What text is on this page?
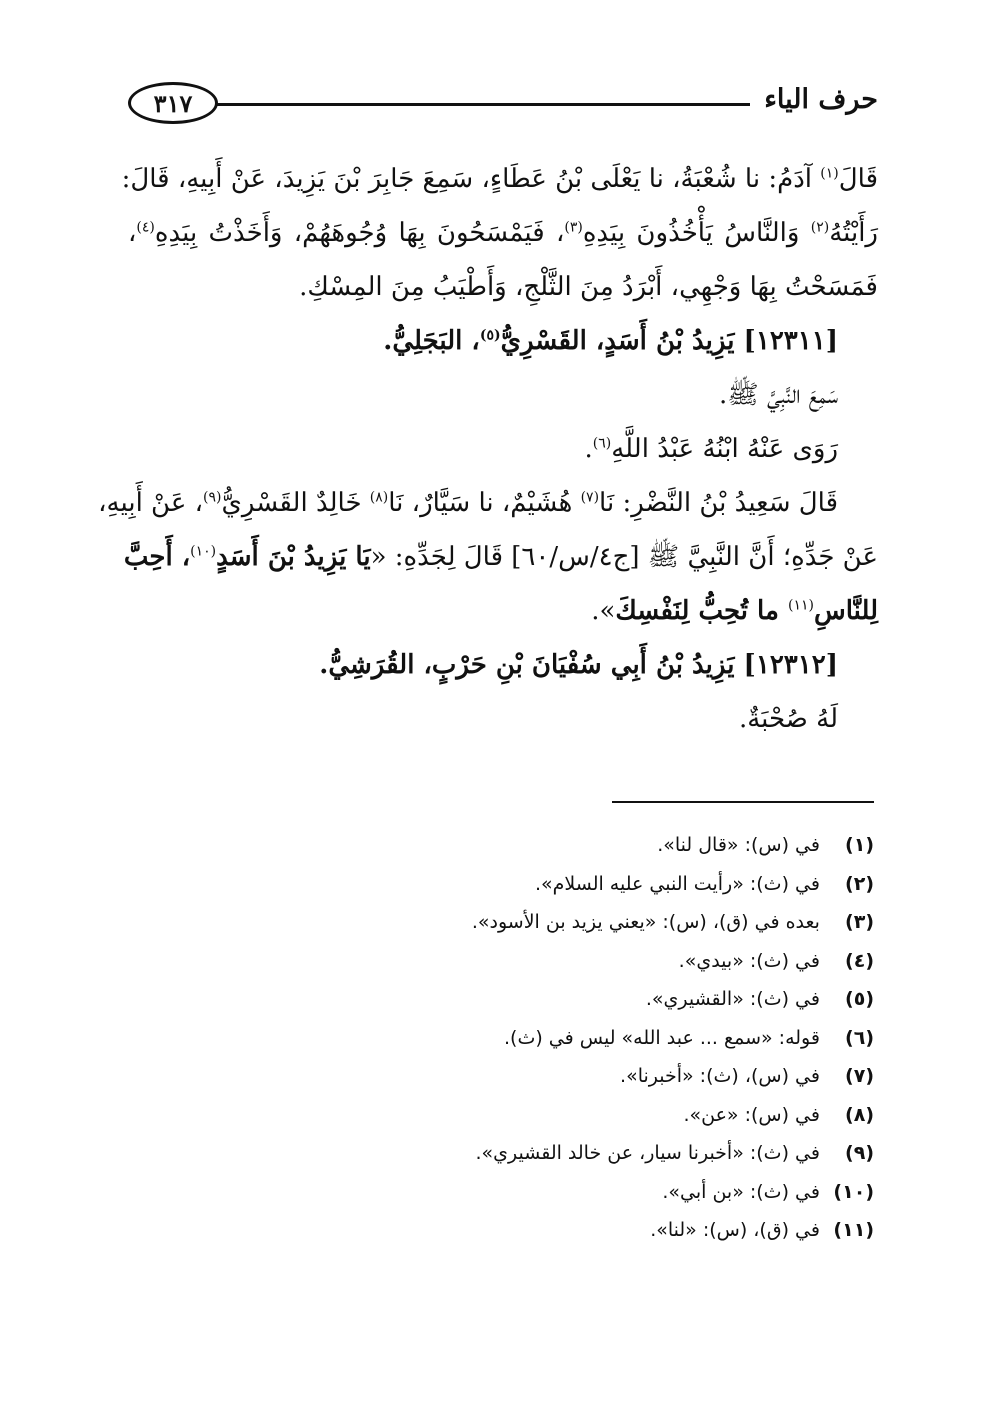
حرف الياء
٣١٧
قَالَ$^{(١)}$ آدَمُ: نا شُعْبَةُ، نا يَعْلَى بْنُ عَطَاءٍ، سَمِعَ جَابِرَ بْنَ يَزِيدَ، عَنْ أَبِيهِ، قَالَ:
رَأَيْتُهُ$^{(٢)}$ وَالنَّاسُ يَأْخُذُونَ بِيَدِهِ$^{(٣)}$، فَيَمْسَحُونَ بِهَا وُجُوهَهُمْ، وَأَخَذْتُ بِيَدِهِ$^{(٤)}$،
فَمَسَحْتُ بِهَا وَجْهِي، أَبْرَدُ مِنَ الثَّلْجِ، وَأَطْيَبُ مِنَ المِسْكِ.
[١٢٣١١] يَزِيدُ بْنُ أَسَدٍ، القَسْرِيُّ$^{(٥)}$، البَجَلِيُّ.
سَمِعَ النَّبِيَّ ﷺ.
رَوَى عَنْهُ ابْنُهُ عَبْدُ اللَّهِ$^{(٦)}$.
قَالَ سَعِيدُ بْنُ النَّضْرِ: نَا$^{(٧)}$ هُشَيْمٌ، نا سَيَّارٌ، نَا$^{(٨)}$ خَالِدٌ القَسْرِيُّ$^{(٩)}$، عَنْ أَبِيهِ،
عَنْ جَدِّهِ؛ أَنَّ النَّبِيَّ ﷺ [ج٤/س/٦٠] قَالَ لِجَدِّهِ: «يَا يَزِيدُ بْنَ أَسَدٍ$^{(١٠)}$، أَحِبَّ
لِلنَّاسِ$^{(١١)}$ ما تُحِبُّ لِنَفْسِكَ».
[١٢٣١٢] يَزِيدُ بْنُ أَبِي سُفْيَانَ بْنِ حَرْبٍ، القُرَشِيُّ.
لَهُ صُحْبَةٌ.
(١) في (س): «قال لنا».
(٢) في (ث): «رأيت النبي عليه السلام».
(٣) بعده في (ق)، (س): «يعني يزيد بن الأسود».
(٤) في (ث): «بيدي».
(٥) في (ث): «القشيري».
(٦) قوله: «سمع ... عبد الله» ليس في (ث).
(٧) في (س)، (ث): «أخبرنا».
(٨) في (س): «عن».
(٩) في (ث): «أخبرنا سيار، عن خالد القشيري».
(١٠) في (ث): «بن أبي».
(١١) في (ق)، (س): «لنا».
